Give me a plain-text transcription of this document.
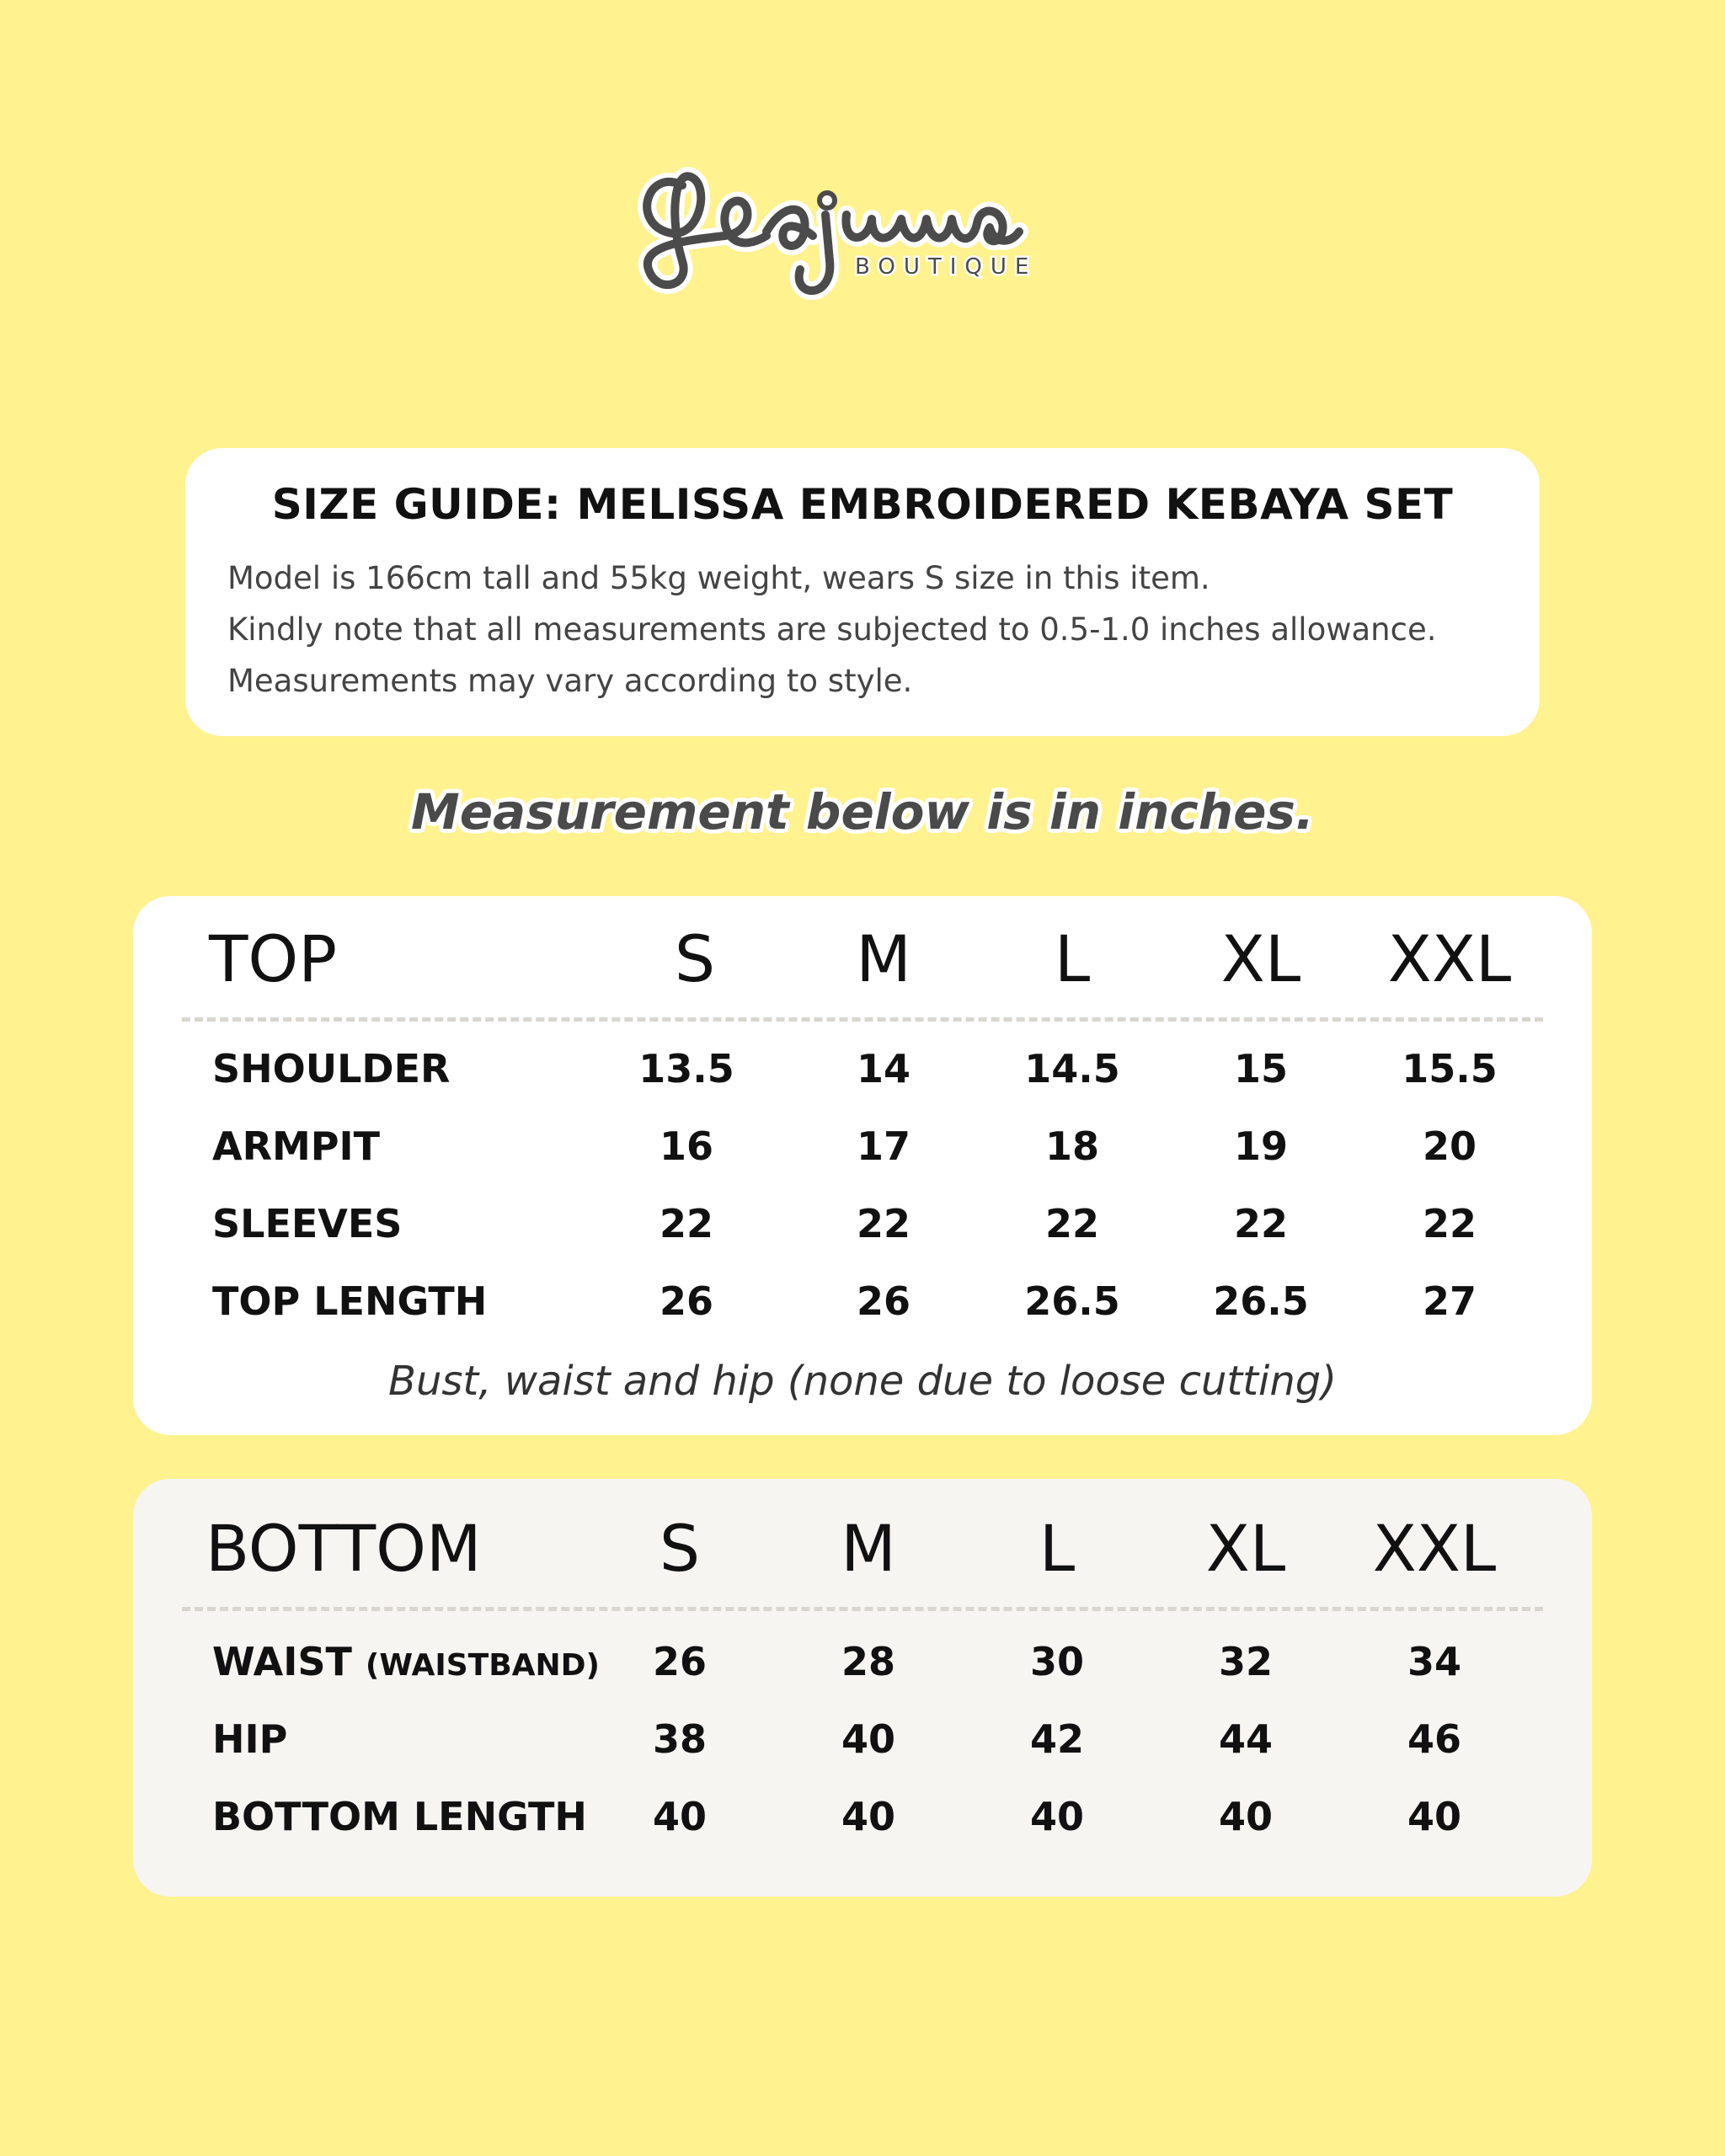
BOUTIQUE
SIZE GUIDE: MELISSA EMBROIDERED KEBAYA SET
Model is 166cm tall and 55kg weight, wears S size in this item.
Kindly note that all measurements are subjected to 0.5-1.0 inches allowance.
Measurements may vary according to style.
Measurement below is in inches.
TOP	S	M	L	XL	XXL
SHOULDER	13.5	14	14.5	15	15.5
ARMPIT	16	17	18	19	20
SLEEVES	22	22	22	22	22
TOP LENGTH	26	26	26.5	26.5	27
Bust, waist and hip (none due to loose cutting)
BOTTOM	S	M	L	XL	XXL
WAIST (WAISTBAND)	26	28	30	32	34
HIP	38	40	42	44	46
BOTTOM LENGTH	40	40	40	40	40
